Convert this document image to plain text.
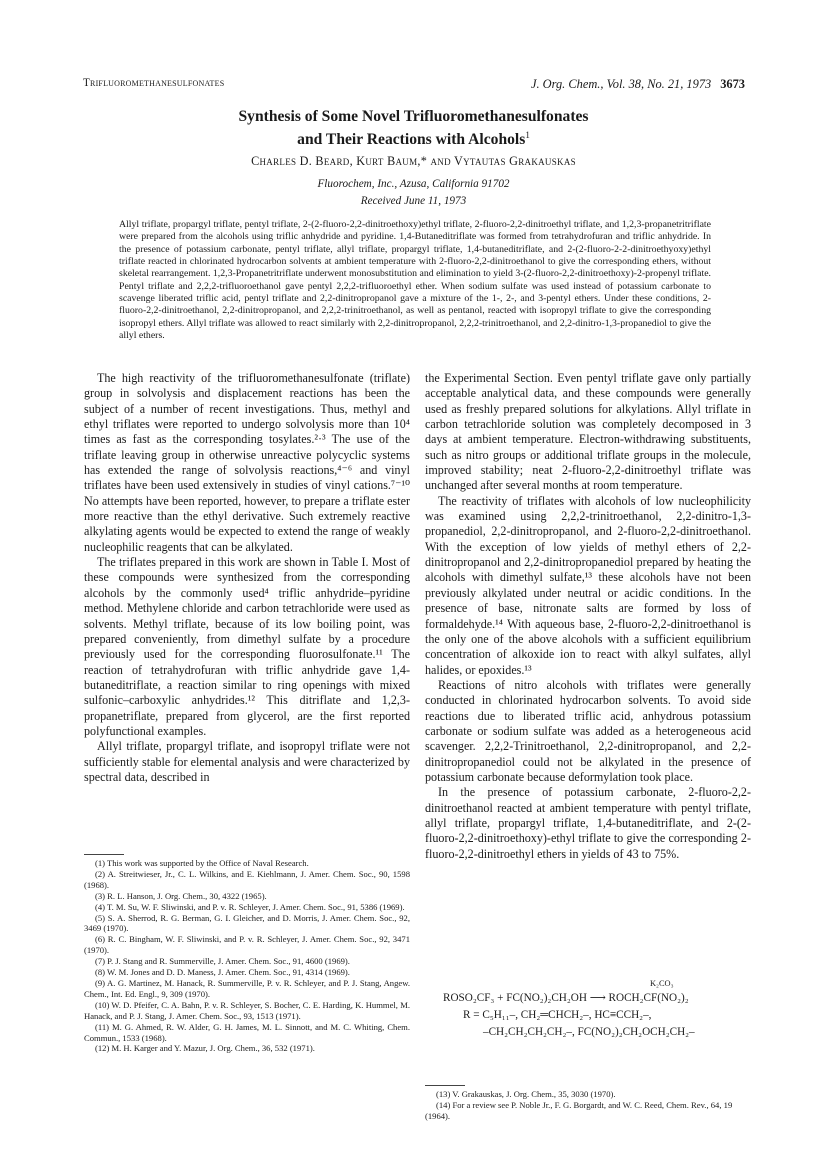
Trifluoromethanesulfonates	J. Org. Chem., Vol. 38, No. 21, 1973 3673
Synthesis of Some Novel Trifluoromethanesulfonates
and Their Reactions with Alcohols$^1$
Charles D. Beard, Kurt Baum,* and Vytautas Grakauskas
Fluorochem, Inc., Azusa, California 91702
Received June 11, 1973
Allyl triflate, propargyl triflate, pentyl triflate, 2-(2-fluoro-2,2-dinitroethoxy)ethyl triflate, 2-fluoro-2,2-dinitroethyl triflate, and 1,2,3-propanetritriflate were prepared from the alcohols using triflic anhydride and pyridine. 1,4-Butaneditriflate was formed from tetrahydrofuran and triflic anhydride. In the presence of potassium carbonate, pentyl triflate, allyl triflate, propargyl triflate, 1,4-butaneditriflate, and 2-(2-fluoro-2-2-dinitroethyoxy)ethyl triflate reacted in chlorinated hydrocarbon solvents at ambient temperature with 2-fluoro-2,2-dinitroethanol to give the corresponding ethers, without skeletal rearrangement. 1,2,3-Propanetritriflate underwent monosubstitution and elimination to yield 3-(2-fluoro-2,2-dinitroethoxy)-2-propenyl triflate. Pentyl triflate and 2,2,2-trifluoroethanol gave pentyl 2,2,2-trifluoroethyl ether. When sodium sulfate was used instead of potassium carbonate to scavenge liberated triflic acid, pentyl triflate and 2,2-dinitropropanol gave a mixture of the 1-, 2-, and 3-pentyl ethers. Under these conditions, 2-fluoro-2,2-dinitroethanol, 2,2-dinitropropanol, and 2,2,2-trinitroethanol, as well as pentanol, reacted with isopropyl triflate to give the corresponding isopropyl ethers. Allyl triflate was allowed to react similarly with 2,2-dinitropropanol, 2,2,2-trinitroethanol, and 2,2-dinitro-1,3-propanediol to give the allyl ethers.

The high reactivity of the trifluoromethanesulfonate (triflate) group in solvolysis and displacement reactions has been the subject of a number of recent investigations. Thus, methyl and ethyl triflates were reported to undergo solvolysis more than 10⁴ times as fast as the corresponding tosylates.²·³ The use of the triflate leaving group in otherwise unreactive polycyclic systems has extended the range of solvolysis reactions,⁴⁻⁶ and vinyl triflates have been used extensively in studies of vinyl cations.⁷⁻¹⁰ No attempts have been reported, however, to prepare a triflate ester more reactive than the ethyl derivative. Such extremely reactive alkylating agents would be expected to extend the range of weakly nucleophilic reagents that can be alkylated.

The triflates prepared in this work are shown in Table I. Most of these compounds were synthesized from the corresponding alcohols by the commonly used⁴ triflic anhydride–pyridine method. Methylene chloride and carbon tetrachloride were used as solvents. Methyl triflate, because of its low boiling point, was prepared conveniently, from dimethyl sulfate by a procedure previously used for the corresponding fluorosulfonate.¹¹ The reaction of tetrahydrofuran with triflic anhydride gave 1,4-butaneditriflate, a reaction similar to ring openings with mixed sulfonic–carboxylic anhydrides.¹² This ditriflate and 1,2,3-propanetriflate, prepared from glycerol, are the first reported polyfunctional examples.

Allyl triflate, propargyl triflate, and isopropyl triflate were not sufficiently stable for elemental analysis and were characterized by spectral data, described in

(1) This work was supported by the Office of Naval Research.

(2) A. Streitwieser, Jr., C. L. Wilkins, and E. Kiehlmann, J. Amer. Chem. Soc., 90, 1598 (1968).

(3) R. L. Hanson, J. Org. Chem., 30, 4322 (1965).

(4) T. M. Su, W. F. Sliwinski, and P. v. R. Schleyer, J. Amer. Chem. Soc., 91, 5386 (1969).

(5) S. A. Sherrod, R. G. Berman, G. I. Gleicher, and D. Morris, J. Amer. Chem. Soc., 92, 3469 (1970).

(6) R. C. Bingham, W. F. Sliwinski, and P. v. R. Schleyer, J. Amer. Chem. Soc., 92, 3471 (1970).

(7) P. J. Stang and R. Summerville, J. Amer. Chem. Soc., 91, 4600 (1969).

(8) W. M. Jones and D. D. Maness, J. Amer. Chem. Soc., 91, 4314 (1969).

(9) A. G. Martinez, M. Hanack, R. Summerville, P. v. R. Schleyer, and P. J. Stang, Angew. Chem., Int. Ed. Engl., 9, 309 (1970).

(10) W. D. Pfeifer, C. A. Bahn, P. v. R. Schleyer, S. Bocher, C. E. Harding, K. Hummel, M. Hanack, and P. J. Stang, J. Amer. Chem. Soc., 93, 1513 (1971).

(11) M. G. Ahmed, R. W. Alder, G. H. James, M. L. Sinnott, and M. C. Whiting, Chem. Commun., 1533 (1968).

(12) M. H. Karger and Y. Mazur, J. Org. Chem., 36, 532 (1971).

the Experimental Section. Even pentyl triflate gave only partially acceptable analytical data, and these compounds were generally used as freshly prepared solutions for alkylations. Allyl triflate in carbon tetrachloride solution was completely decomposed in 3 days at ambient temperature. Electron-withdrawing substituents, such as nitro groups or additional triflate groups in the molecule, improved stability; neat 2-fluoro-2,2-dinitroethyl triflate was unchanged after several months at room temperature.

The reactivity of triflates with alcohols of low nucleophilicity was examined using 2,2,2-trinitroethanol, 2,2-dinitro-1,3-propanediol, 2,2-dinitropropanol, and 2-fluoro-2,2-dinitroethanol. With the exception of low yields of methyl ethers of 2,2-dinitropropanol and 2,2-dinitropropanediol prepared by heating the alcohols with dimethyl sulfate,¹³ these alcohols have not been previously alkylated under neutral or acidic conditions. In the presence of base, nitronate salts are formed by loss of formaldehyde.¹⁴ With aqueous base, 2-fluoro-2,2-dinitroethanol is the only one of the above alcohols with a sufficient equilibrium concentration of alkoxide ion to react with alkyl sulfates, allyl halides, or epoxides.¹³

Reactions of nitro alcohols with triflates were generally conducted in chlorinated hydrocarbon solvents. To avoid side reactions due to liberated triflic acid, anhydrous potassium carbonate or sodium sulfate was added as a heterogeneous acid scavenger. 2,2,2-Trinitroethanol, 2,2-dinitropropanol, and 2,2-dinitropropanediol could not be alkylated in the presence of potassium carbonate because deformylation took place.

In the presence of potassium carbonate, 2-fluoro-2,2-dinitroethanol reacted at ambient temperature with pentyl triflate, allyl triflate, propargyl triflate, 1,4-butaneditriflate, and 2-(2-fluoro-2,2-dinitroethoxy)-ethyl triflate to give the corresponding 2-fluoro-2,2-dinitroethyl ethers in yields of 43 to 75%.

K₂CO₃
ROSO₂CF₃ + FC(NO₂)₂CH₂OH ⟶ ROCH₂CF(NO₂)₂
R = C₅H₁₁–, CH₂═CHCH₂–, HC≡CCH₂–,
–CH₂CH₂CH₂CH₂–, FC(NO₂)₂CH₂OCH₂CH₂–

(13) V. Grakauskas, J. Org. Chem., 35, 3030 (1970).

(14) For a review see P. Noble Jr., F. G. Borgardt, and W. C. Reed, Chem. Rev., 64, 19 (1964).
